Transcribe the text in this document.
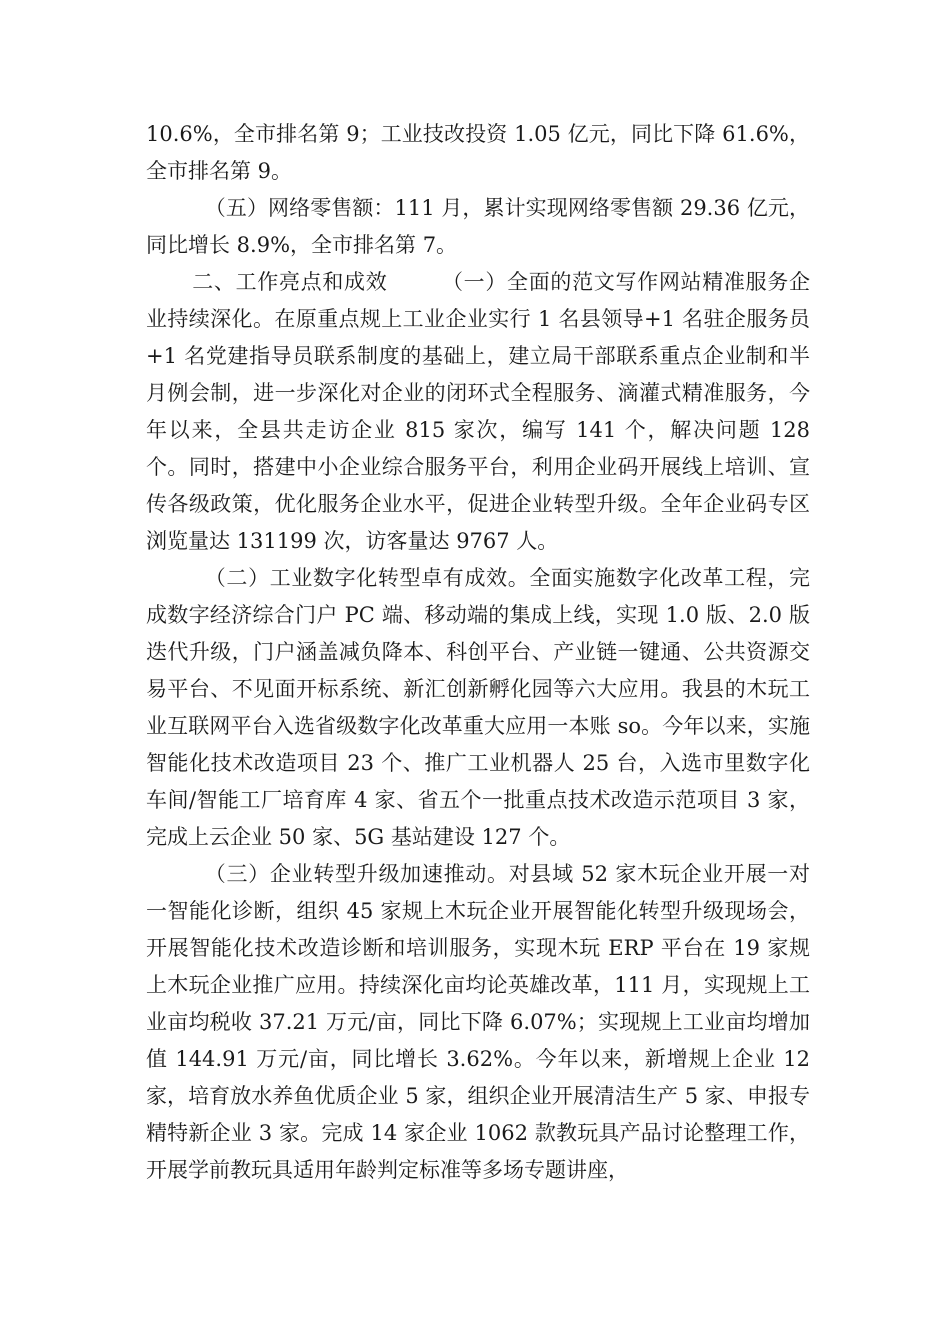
10.6%，全市排名第 9；工业技改投资 1.05 亿元，同比下降 61.6%，全市排名第 9。

（五）网络零售额：111 月，累计实现网络零售额 29.36 亿元，同比增长 8.9%，全市排名第 7。

二、工作亮点和成效　　　（一）全面的范文写作网站精准服务企业持续深化。在原重点规上工业企业实行 1 名县领导+1 名驻企服务员+1 名党建指导员联系制度的基础上，建立局干部联系重点企业制和半月例会制，进一步深化对企业的闭环式全程服务、滴灌式精准服务，今年以来，全县共走访企业 815 家次，编写 141 个，解决问题 128 个。同时，搭建中小企业综合服务平台，利用企业码开展线上培训、宣传各级政策，优化服务企业水平，促进企业转型升级。全年企业码专区浏览量达 131199 次，访客量达 9767 人。

（二）工业数字化转型卓有成效。全面实施数字化改革工程，完成数字经济综合门户 PC 端、移动端的集成上线，实现 1.0 版、2.0 版迭代升级，门户涵盖减负降本、科创平台、产业链一键通、公共资源交易平台、不见面开标系统、新汇创新孵化园等六大应用。我县的木玩工业互联网平台入选省级数字化改革重大应用一本账 so。今年以来，实施智能化技术改造项目 23 个、推广工业机器人 25 台，入选市里数字化车间/智能工厂培育库 4 家、省五个一批重点技术改造示范项目 3 家，完成上云企业 50 家、5G 基站建设 127 个。

（三）企业转型升级加速推动。对县域 52 家木玩企业开展一对一智能化诊断，组织 45 家规上木玩企业开展智能化转型升级现场会，开展智能化技术改造诊断和培训服务，实现木玩 ERP 平台在 19 家规上木玩企业推广应用。持续深化亩均论英雄改革，111 月，实现规上工业亩均税收 37.21 万元/亩，同比下降 6.07%；实现规上工业亩均增加值 144.91 万元/亩，同比增长 3.62%。今年以来，新增规上企业 12 家，培育放水养鱼优质企业 5 家，组织企业开展清洁生产 5 家、申报专精特新企业 3 家。完成 14 家企业 1062 款教玩具产品讨论整理工作，开展学前教玩具适用年龄判定标准等多场专题讲座，
